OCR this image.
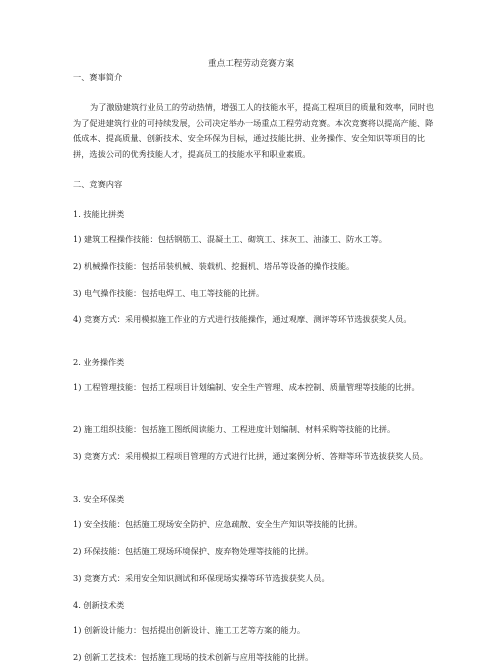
重点工程劳动竞赛方案

一、赛事简介

为了激励建筑行业员工的劳动热情，增强工人的技能水平，提高工程项目的质量和效率，同时也为了促进建筑行业的可持续发展，公司决定举办一场重点工程劳动竞赛。本次竞赛将以提高产能、降低成本、提高质量、创新技术、安全环保为目标，通过技能比拼、业务操作、安全知识等项目的比拼，选拔公司的优秀技能人才，提高员工的技能水平和职业素质。

二、竞赛内容

1. 技能比拼类

1) 建筑工程操作技能：包括钢筋工、混凝土工、砌筑工、抹灰工、油漆工、防水工等。

2) 机械操作技能：包括吊装机械、装载机、挖掘机、塔吊等设备的操作技能。

3) 电气操作技能：包括电焊工、电工等技能的比拼。

4) 竞赛方式：采用模拟施工作业的方式进行技能操作，通过观摩、测评等环节选拔获奖人员。

2. 业务操作类

1) 工程管理技能：包括工程项目计划编制、安全生产管理、成本控制、质量管理等技能的比拼。

2) 施工组织技能：包括施工图纸阅读能力、工程进度计划编制、材料采购等技能的比拼。

3) 竞赛方式：采用模拟工程项目管理的方式进行比拼，通过案例分析、答辩等环节选拔获奖人员。

3. 安全环保类

1) 安全技能：包括施工现场安全防护、应急疏散、安全生产知识等技能的比拼。

2) 环保技能：包括施工现场环境保护、废弃物处理等技能的比拼。

3) 竞赛方式：采用安全知识测试和环保现场实操等环节选拔获奖人员。

4. 创新技术类

1) 创新设计能力：包括提出创新设计、施工工艺等方案的能力。

2) 创新工艺技术：包括施工现场的技术创新与应用等技能的比拼。
